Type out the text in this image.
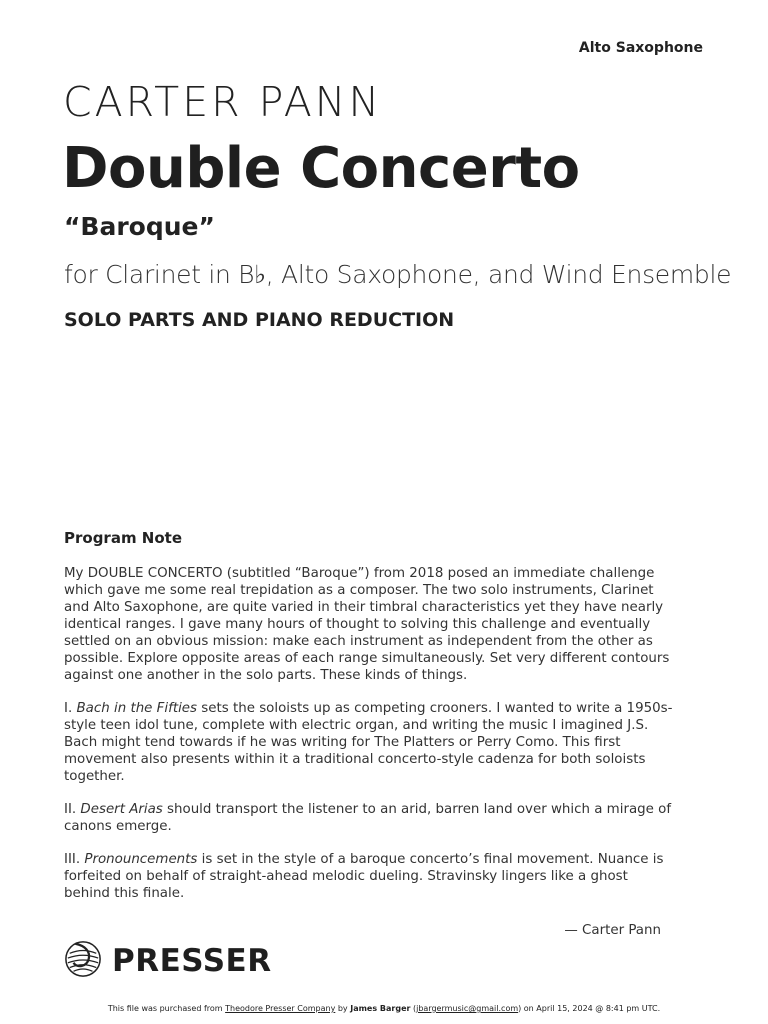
Alto Saxophone
CARTER PANN
Double Concerto
“Baroque”
for Clarinet in B♭, Alto Saxophone, and Wind Ensemble
SOLO PARTS AND PIANO REDUCTION
Program Note

My DOUBLE CONCERTO (subtitled “Baroque”) from 2018 posed an immediate challenge which gave me some real trepidation as a composer. The two solo instruments, Clarinet and Alto Saxophone, are quite varied in their timbral characteristics yet they have nearly identical ranges. I gave many hours of thought to solving this challenge and eventually settled on an obvious mission: make each instrument as independent from the other as possible. Explore opposite areas of each range simultaneously. Set very different contours against one another in the solo parts. These kinds of things.

I. Bach in the Fifties sets the soloists up as competing crooners. I wanted to write a 1950s-style teen idol tune, complete with electric organ, and writing the music I imagined J.S. Bach might tend towards if he was writing for The Platters or Perry Como. This first movement also presents within it a traditional concerto-style cadenza for both soloists together.

II. Desert Arias should transport the listener to an arid, barren land over which a mirage of canons emerge.

III. Pronouncements is set in the style of a baroque concerto’s final movement. Nuance is forfeited on behalf of straight-ahead melodic dueling. Stravinsky lingers like a ghost behind this finale.

— Carter Pann
PRESSER
This file was purchased from Theodore Presser Company by James Barger (jbargermusic@gmail.com) on April 15, 2024 @ 8:41 pm UTC.
